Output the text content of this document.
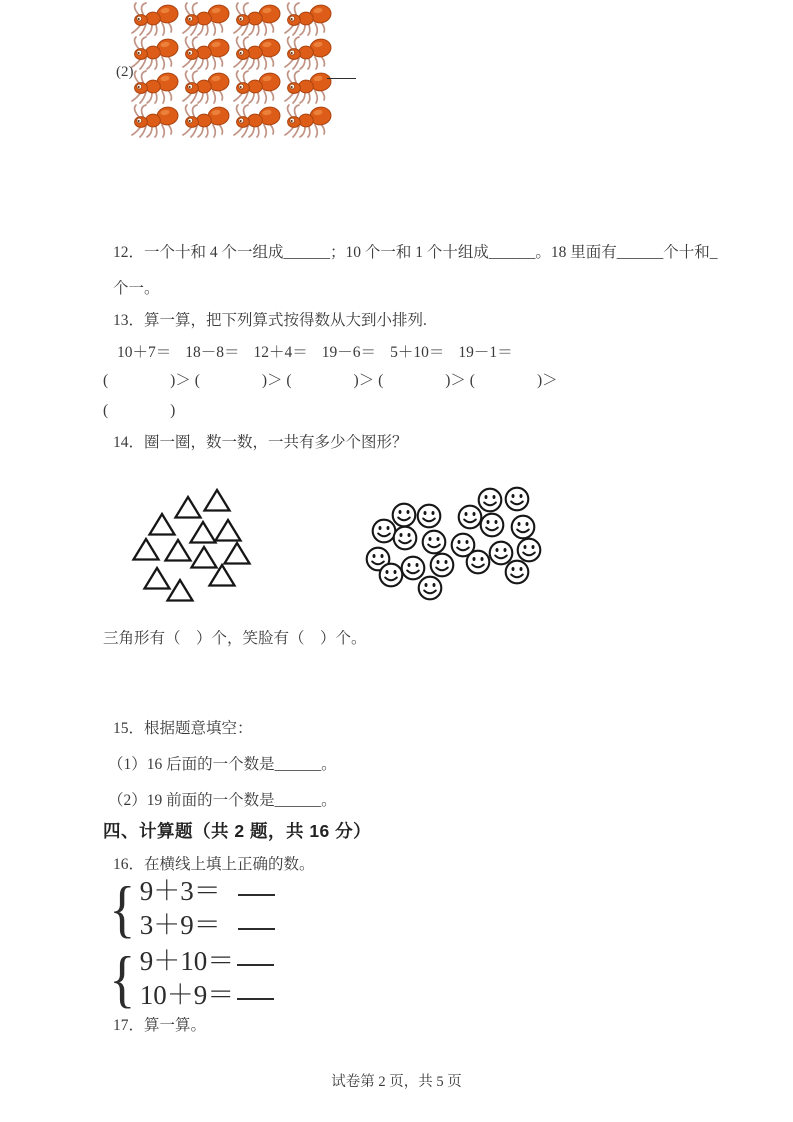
(2)
12．一个十和 4 个一组成______；10 个一和 1 个十组成______。18 里面有______个十和_
个一。
13．算一算，把下列算式按得数从大到小排列.
10＋7＝ 18－8＝ 12＋4＝ 19－6＝ 5＋10＝ 19－1＝
(　　　　)＞ (　　　　)＞ (　　　　)＞ (　　　　)＞ (　　　　)＞
(　　　　)
14．圈一圈，数一数，一共有多少个图形？
三角形有（　）个，笑脸有（　）个。
15．根据题意填空：
（1）16 后面的一个数是______。
（2）19 前面的一个数是______。
四、计算题（共 2 题，共 16 分）
16．在横线上填上正确的数。
{ 9＋3＝
3＋9＝
{ 9＋10＝
10＋9＝
17．算一算。
试卷第 2 页，共 5 页
